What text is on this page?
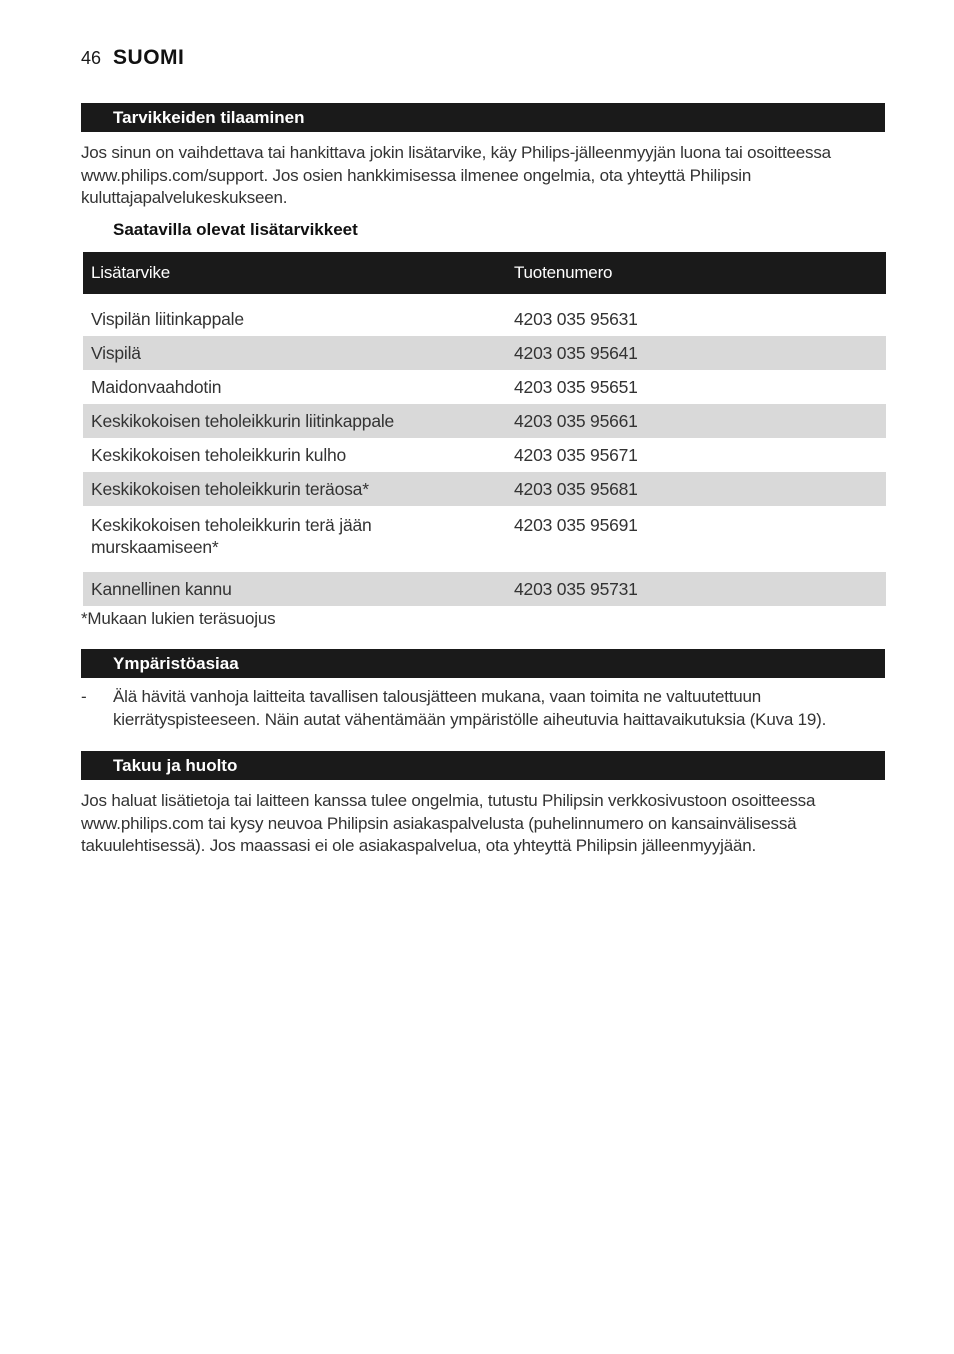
46 SUOMI
Tarvikkeiden tilaaminen

Jos sinun on vaihdettava tai hankittava jokin lisätarvike, käy Philips-jälleenmyyjän luona tai osoitteessa www.philips.com/support. Jos osien hankkimisessa ilmenee ongelmia, ota yhteyttä Philipsin kuluttajapalvelukeskukseen.

Saatavilla olevat lisätarvikkeet
Lisätarvike	Tuotenumero

Vispilän liitinkappale	4203 035 95631
Vispilä	4203 035 95641
Maidonvaahdotin	4203 035 95651
Keskikokoisen teholeikkurin liitinkappale	4203 035 95661
Keskikokoisen teholeikkurin kulho	4203 035 95671
Keskikokoisen teholeikkurin teräosa*	4203 035 95681
Keskikokoisen teholeikkurin terä jään murskaamiseen*	4203 035 95691
Kannellinen kannu	4203 035 95731

*Mukaan lukien teräsuojus

Ympäristöasiaa
-	Älä hävitä vanhoja laitteita tavallisen talousjätteen mukana, vaan toimita ne valtuutettuun kierrätyspisteeseen. Näin autat vähentämään ympäristölle aiheutuvia haittavaikutuksia (Kuva 19).
Takuu ja huolto

Jos haluat lisätietoja tai laitteen kanssa tulee ongelmia, tutustu Philipsin verkkosivustoon osoitteessa www.philips.com tai kysy neuvoa Philipsin asiakaspalvelusta (puhelinnumero on kansainvälisessä takuulehtisessä). Jos maassasi ei ole asiakaspalvelua, ota yhteyttä Philipsin jälleenmyyjään.
